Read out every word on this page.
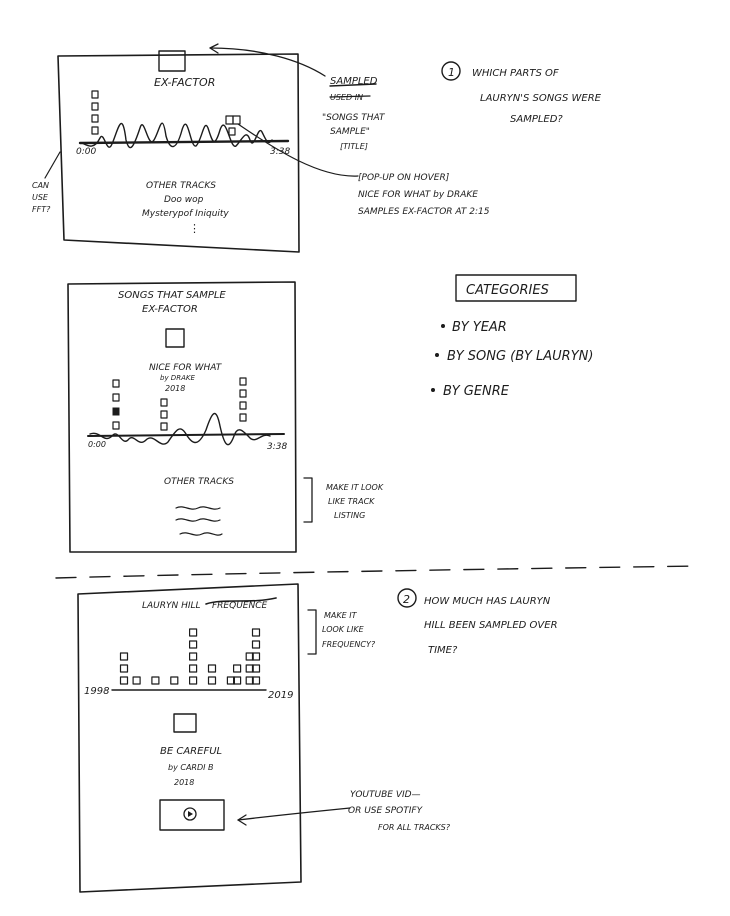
EX-FACTOR
0:00	3:38
OTHER TRACKS
Doo wop
Mysterypof Iniquity
⋮
CAN
USE
FFT?
SAMPLED
USED IN
"SONGS THAT
SAMPLE"
[TITLE]
[POP-UP ON HOVER]
NICE FOR WHAT by DRAKE
SAMPLES EX-FACTOR AT 2:15
1 WHICH PARTS OF
LAURYN'S SONGS WERE
SAMPLED?
CATEGORIES
BY YEAR
BY SONG (BY LAURYN)
BY GENRE
SONGS THAT SAMPLE
EX-FACTOR
NICE FOR WHAT
by DRAKE
2018
0:00	3:38
OTHER TRACKS
MAKE IT LOOK
LIKE TRACK
LISTING
2 HOW MUCH HAS LAURYN
HILL BEEN SAMPLED OVER
TIME?
LAURYN HILL FREQUENCE
1998	2019
BE CAREFUL
by CARDI B
2018
MAKE IT
LOOK LIKE
FREQUENCY?
YOUTUBE VID—
OR USE SPOTIFY
FOR ALL TRACKS?
